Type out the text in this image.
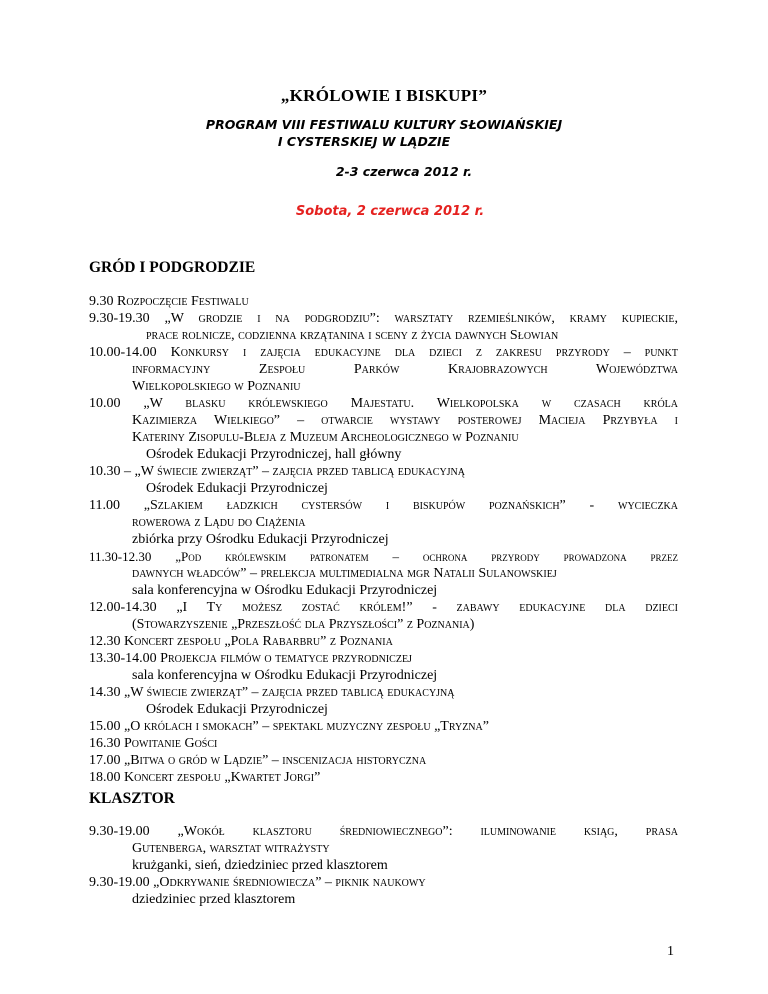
„KRÓLOWIE I BISKUPI”
PROGRAM VIII FESTIWALU KULTURY SŁOWIAŃSKIEJ
I CYSTERSKIEJ W LĄDZIE
2-3 czerwca 2012 r.
Sobota, 2 czerwca 2012 r.
GRÓD I PODGRODZIE
9.30 Rozpoczęcie Festiwalu
9.30-19.30 „W grodzie i na podgrodziu”: warsztaty rzemieślników, kramy kupieckie,
prace rolnicze, codzienna krzątanina i sceny z życia dawnych Słowian
10.00-14.00 Konkursy i zajęcia edukacyjne dla dzieci z zakresu przyrody – punkt
informacyjny Zespołu Parków Krajobrazowych Województwa
Wielkopolskiego w Poznaniu
10.00 „W blasku królewskiego Majestatu. Wielkopolska w czasach króla
Kazimierza Wielkiego” – otwarcie wystawy posterowej Macieja Przybyła i
Kateriny Zisopulu-Bleja z Muzeum Archeologicznego w Poznaniu
Ośrodek Edukacji Przyrodniczej, hall główny
10.30 – „W świecie zwierząt” – zajęcia przed tablicą edukacyjną
Ośrodek Edukacji Przyrodniczej
11.00 „Szlakiem ładzkich cystersów i biskupów poznańskich” - wycieczka
rowerowa z Lądu do Ciążenia
zbiórka przy Ośrodku Edukacji Przyrodniczej
11.30-12.30 „Pod królewskim patronatem – ochrona przyrody prowadzona przez
dawnych władców” – prelekcja multimedialna mgr Natalii Sulanowskiej
sala konferencyjna w Ośrodku Edukacji Przyrodniczej
12.00-14.30 „I Ty możesz zostać królem!” - zabawy edukacyjne dla dzieci
(Stowarzyszenie „Przeszłość dla Przyszłości” z Poznania)
12.30 Koncert zespołu „Pola Rabarbru” z Poznania
13.30-14.00 Projekcja filmów o tematyce przyrodniczej
sala konferencyjna w Ośrodku Edukacji Przyrodniczej
14.30 „W świecie zwierząt” – zajęcia przed tablicą edukacyjną
Ośrodek Edukacji Przyrodniczej
15.00 „O królach i smokach” – spektakl muzyczny zespołu „Tryzna”
16.30 Powitanie Gości
17.00 „Bitwa o gród w Lądzie” – inscenizacja historyczna
18.00 Koncert zespołu „Kwartet Jorgi”
KLASZTOR
9.30-19.00 „Wokół klasztoru średniowiecznego”: iluminowanie ksiąg, prasa
Gutenberga, warsztat witrażysty
krużganki, sień, dziedziniec przed klasztorem
9.30-19.00 „Odkrywanie średniowiecza” – piknik naukowy
dziedziniec przed klasztorem
1
